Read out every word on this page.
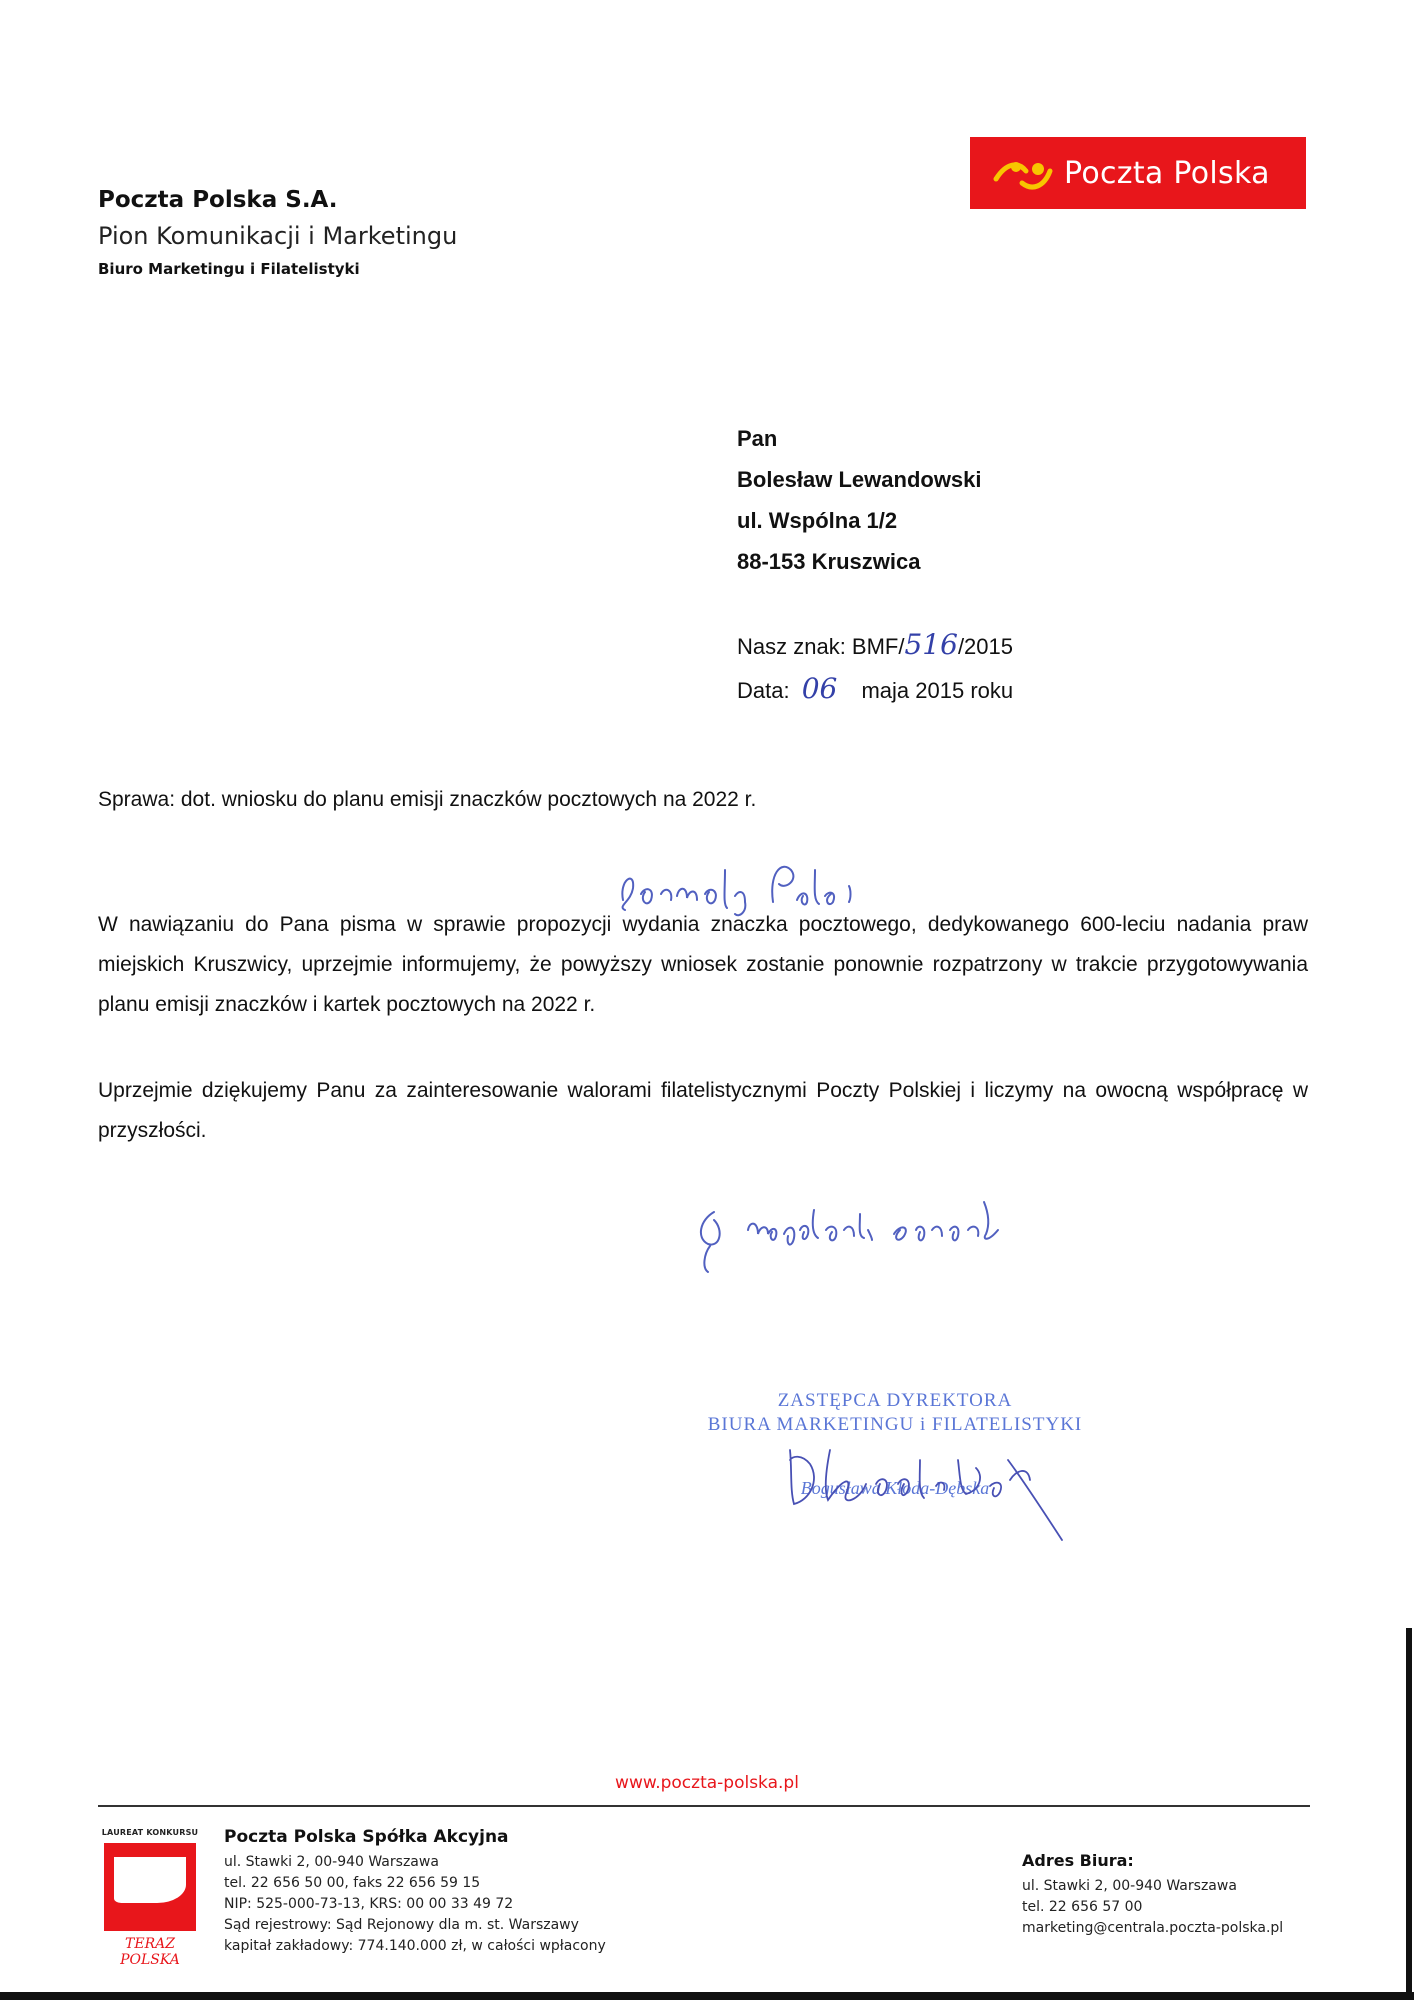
Poczta Polska S.A.
Pion Komunikacji i Marketingu
Biuro Marketingu i Filatelistyki
Poczta Polska
Pan
Bolesław Lewandowski
ul. Wspólna 1/2
88-153 Kruszwica
Nasz znak: BMF/516/2015
Data: 06 maja 2015 roku
Sprawa: dot. wniosku do planu emisji znaczków pocztowych na 2022 r.
W nawiązaniu do Pana pisma w sprawie propozycji wydania znaczka pocztowego, dedykowanego 600-leciu nadania praw miejskich Kruszwicy, uprzejmie informujemy, że powyższy wniosek zostanie ponownie rozpatrzony w trakcie przygotowywania planu emisji znaczków i kartek pocztowych na 2022 r.
Uprzejmie dziękujemy Panu za zainteresowanie walorami filatelistycznymi Poczty Polskiej i liczymy na owocną współpracę w przyszłości.
ZASTĘPCA DYREKTORA
BIURA MARKETINGU i FILATELISTYKI
Bogusława Kłoda-Dębska
www.poczta-polska.pl
LAUREAT KONKURSU
TERAZ POLSKA
Poczta Polska Spółka Akcyjna
ul. Stawki 2, 00-940 Warszawa
tel. 22 656 50 00, faks 22 656 59 15
NIP: 525-000-73-13, KRS: 00 00 33 49 72
Sąd rejestrowy: Sąd Rejonowy dla m. st. Warszawy
kapitał zakładowy: 774.140.000 zł, w całości wpłacony
Adres Biura:
ul. Stawki 2, 00-940 Warszawa
tel. 22 656 57 00
marketing@centrala.poczta-polska.pl
